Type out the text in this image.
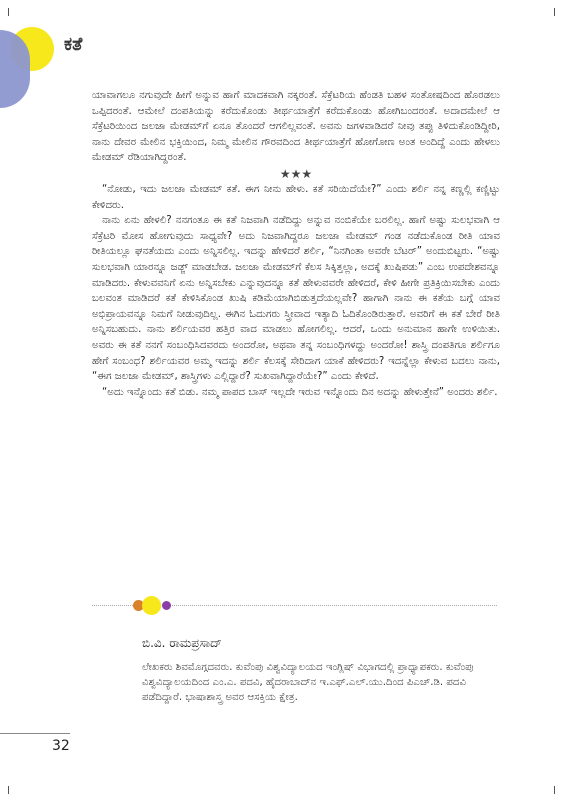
ಕತೆ

ಯಾವಾಗಲೂ ನಗುವುದೇ ಹೀಗೆ ಅನ್ನುವ ಹಾಗೆ ಮಾದಕವಾಗಿ ನಕ್ಕರಂತೆ. ಸೆಕ್ರೆಟರಿಯ ಹೆಂಡತಿ ಬಹಳ ಸಂತೋಷದಿಂದ ಹೊರಡಲು ಒಪ್ಪಿದರಂತೆ. ಆಮೇಲೆ ದಂಪತಿಯನ್ನು ಕರೆದುಕೊಂಡು ತೀರ್ಥಯಾತ್ರೆಗೆ ಕರೆದುಕೊಂಡು ಹೋಗಿಬಂದರಂತೆ. ಅದಾದಮೇಲೆ ಆ ಸೆಕ್ರೆಟರಿಯಿಂದ ಜಲಜಾ ಮೇಡಮ್‌ಗೆ ಏನೂ ತೊಂದರೆ ಆಗಲಿಲ್ಲವಂತೆ. ಅವನು ಜಗಳವಾಡಿದರೆ ನೀವು ತಪ್ಪು ತಿಳಿದುಕೊಂಡಿದ್ದೀರಿ, ನಾನು ದೇವರ ಮೇಲಿನ ಭಕ್ತಿಯಿಂದ, ನಿಮ್ಮ ಮೇಲಿನ ಗೌರವದಿಂದ ತೀರ್ಥಯಾತ್ರೆಗೆ ಹೋಗೋಣ ಅಂತ ಅಂದಿದ್ದೆ ಎಂದು ಹೇಳಲು ಮೇಡಮ್ ರೆಡಿಯಾಗಿದ್ದರಂತೆ.

★★★

“ನೋಡು, ಇದು ಜಲಜಾ ಮೇಡಮ್ ಕತೆ. ಈಗ ನೀನು ಹೇಳು. ಕತೆ ಸರಿಯಿದೆಯೇ?” ಎಂದು ಶರ್ಲಿ ನನ್ನ ಕಣ್ಣಲ್ಲಿ ಕಣ್ಣಿಟ್ಟು ಕೇಳಿದರು.

ನಾನು ಏನು ಹೇಳಲಿ? ನನಗಂತೂ ಈ ಕತೆ ನಿಜವಾಗಿ ನಡೆದಿದ್ದು ಅನ್ನುವ ನಂಬಿಕೆಯೇ ಬರಲಿಲ್ಲ. ಹಾಗೆ ಅಷ್ಟು ಸುಲಭವಾಗಿ ಆ ಸೆಕ್ರೆಟರಿ ಮೋಸ ಹೋಗುವುದು ಸಾಧ್ಯವೇ? ಅದು ನಿಜವಾಗಿದ್ದರೂ ಜಲಜಾ ಮೇಡಮ್ ಗಂಡ ನಡೆದುಕೊಂಡ ರೀತಿ ಯಾವ ರೀತಿಯಲ್ಲೂ ಘನತೆಯದು ಎಂದು ಅನ್ನಿಸಲಿಲ್ಲ. ಇದನ್ನು ಹೇಳಿದರೆ ಶರ್ಲಿ, “ನಿನಗಿಂತಾ ಅವರೇ ಬೆಟರ್” ಅಂದುಬಿಟ್ಟರು. “ಅಷ್ಟು ಸುಲಭವಾಗಿ ಯಾರನ್ನೂ ಜಡ್ಜ್ ಮಾಡಬೇಡ. ಜಲಜಾ ಮೇಡಮ್‌ಗೆ ಕೆಲಸ ಸಿಕ್ಕಿತ್ತಲ್ಲಾ, ಅದಕ್ಕೆ ಖುಷಿಪಡು” ಎಂಬ ಉಪದೇಶವನ್ನೂ ಮಾಡಿದರು. ಕೇಳುವವನಿಗೆ ಏನು ಅನ್ನಿಸಬೇಕು ಎನ್ನುವುದನ್ನೂ ಕತೆ ಹೇಳುವವರೇ ಹೇಳಿದರೆ, ಕೇಳಿ ಹೀಗೇ ಪ್ರತಿಕ್ರಿಯಿಸಬೇಕು ಎಂದು ಬಲವಂತ ಮಾಡಿದರೆ ಕತೆ ಕೇಳಿಸಿಕೊಂಡ ಖುಷಿ ಕಡಿಮೆಯಾಗಿಬಿಡುತ್ತದೆಯಲ್ಲವೇ? ಹಾಗಾಗಿ ನಾನು ಈ ಕತೆಯ ಬಗ್ಗೆ ಯಾವ ಅಭಿಪ್ರಾಯವನ್ನೂ ನಿಮಗೆ ನೀಡುವುದಿಲ್ಲ. ಈಗಿನ ಓದುಗರು ಸ್ತ್ರೀವಾದ ಇತ್ಯಾದಿ ಓದಿಕೊಂಡಿರುತ್ತಾರೆ. ಅವರಿಗೆ ಈ ಕತೆ ಬೇರೆ ರೀತಿ ಅನ್ನಿಸಬಹುದು. ನಾನು ಶರ್ಲಿಯವರ ಹತ್ತಿರ ವಾದ ಮಾಡಲು ಹೋಗಲಿಲ್ಲ. ಆದರೆ, ಒಂದು ಅನುಮಾನ ಹಾಗೇ ಉಳಿಯಿತು. ಅವರು ಈ ಕತೆ ನನಗೆ ಸಂಬಂಧಿಸಿದವರದು ಅಂದರೋ, ಅಥವಾ ತನ್ನ ಸಂಬಂಧಿಗಳದ್ದು ಅಂದರೋ! ಶಾಸ್ತ್ರಿ ದಂಪತಿಗೂ ಶರ್ಲಿಗೂ ಹೇಗೆ ಸಂಬಂಧ? ಶರ್ಲಿಯವರ ಅಮ್ಮ ಇದನ್ನು ಶರ್ಲಿ ಕೆಲಸಕ್ಕೆ ಸೇರಿದಾಗ ಯಾಕೆ ಹೇಳಿದರು? ಇದನ್ನೆಲ್ಲಾ ಕೇಳುವ ಬದಲು ನಾನು, “ಈಗ ಜಲಜಾ ಮೇಡಮ್, ಶಾಸ್ತ್ರಿಗಳು ಎಲ್ಲಿದ್ದಾರೆ? ಸುಖವಾಗಿದ್ದಾರೆಯೇ?” ಎಂದು ಕೇಳಿದೆ.

“ಅದು ಇನ್ನೊಂದು ಕತೆ ಬಿಡು. ನಮ್ಮ ಪಾಪದ ಬಾಸ್ ಇಲ್ಲದೇ ಇರುವ ಇನ್ನೊಂದು ದಿನ ಅದನ್ನು ಹೇಳುತ್ತೇನೆ” ಅಂದರು ಶರ್ಲಿ.

ಬಿ.ವಿ. ರಾಮಪ್ರಸಾದ್
ಲೇಖಕರು ಶಿವಮೊಗ್ಗದವರು. ಕುವೆಂಪು ವಿಶ್ವವಿದ್ಯಾಲಯದ ಇಂಗ್ಲಿಷ್ ವಿಭಾಗದಲ್ಲಿ ಪ್ರಾಧ್ಯಾಪಕರು. ಕುವೆಂಪು ವಿಶ್ವವಿದ್ಯಾಲಯದಿಂದ ಎಂ.ಎ. ಪದವಿ, ಹೈದರಾಬಾದ್‌ನ ಇ.ಎಫ್.ಎಲ್.ಯು.ದಿಂದ ಪಿಎಚ್.ಡಿ. ಪದವಿ ಪಡೆದಿದ್ದಾರೆ. ಭಾಷಾಶಾಸ್ತ್ರ ಅವರ ಆಸಕ್ತಿಯ ಕ್ಷೇತ್ರ.
32
